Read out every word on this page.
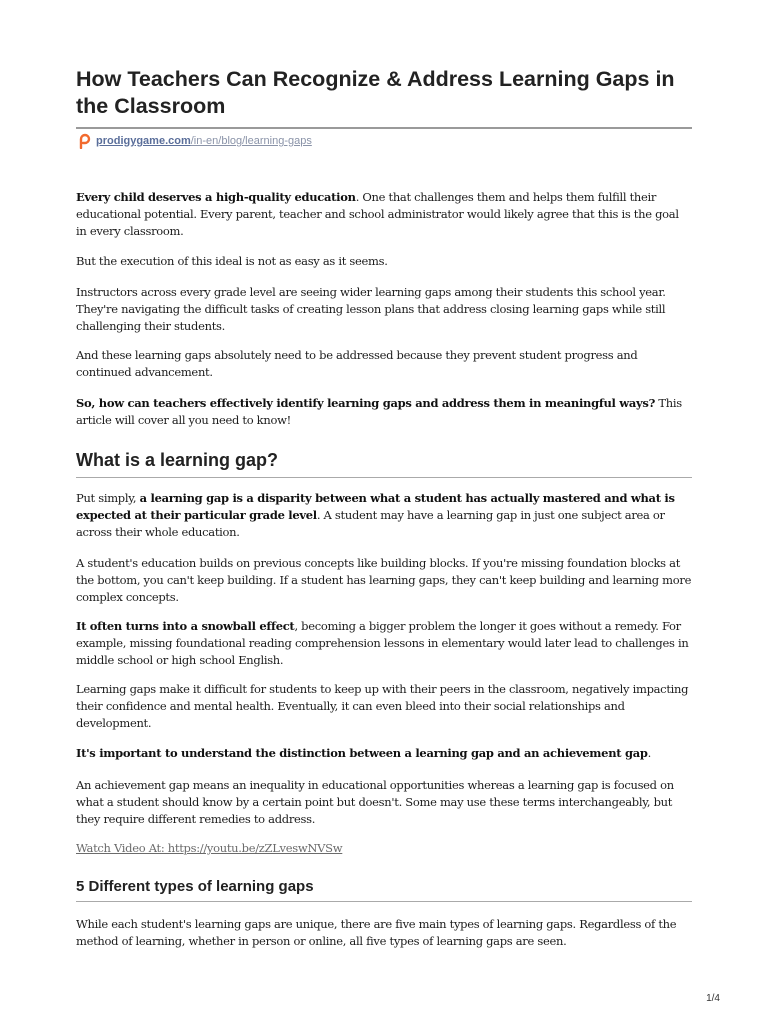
How Teachers Can Recognize & Address Learning Gaps in the Classroom
prodigygame.com /in-en/blog/learning-gaps

Every child deserves a high-quality education. One that challenges them and helps them fulfill their educational potential. Every parent, teacher and school administrator would likely agree that this is the goal in every classroom.

But the execution of this ideal is not as easy as it seems.

Instructors across every grade level are seeing wider learning gaps among their students this school year. They're navigating the difficult tasks of creating lesson plans that address closing learning gaps while still challenging their students.

And these learning gaps absolutely need to be addressed because they prevent student progress and continued advancement.

So, how can teachers effectively identify learning gaps and address them in meaningful ways? This article will cover all you need to know!

What is a learning gap?

Put simply, a learning gap is a disparity between what a student has actually mastered and what is expected at their particular grade level. A student may have a learning gap in just one subject area or across their whole education.

A student's education builds on previous concepts like building blocks. If you're missing foundation blocks at the bottom, you can't keep building. If a student has learning gaps, they can't keep building and learning more complex concepts.

It often turns into a snowball effect, becoming a bigger problem the longer it goes without a remedy. For example, missing foundational reading comprehension lessons in elementary would later lead to challenges in middle school or high school English.

Learning gaps make it difficult for students to keep up with their peers in the classroom, negatively impacting their confidence and mental health. Eventually, it can even bleed into their social relationships and development.

It's important to understand the distinction between a learning gap and an achievement gap.

An achievement gap means an inequality in educational opportunities whereas a learning gap is focused on what a student should know by a certain point but doesn't. Some may use these terms interchangeably, but they require different remedies to address.

Watch Video At: https://youtu.be/zZLveswNVSw
5 Different types of learning gaps

While each student's learning gaps are unique, there are five main types of learning gaps. Regardless of the method of learning, whether in person or online, all five types of learning gaps are seen.

1/4
